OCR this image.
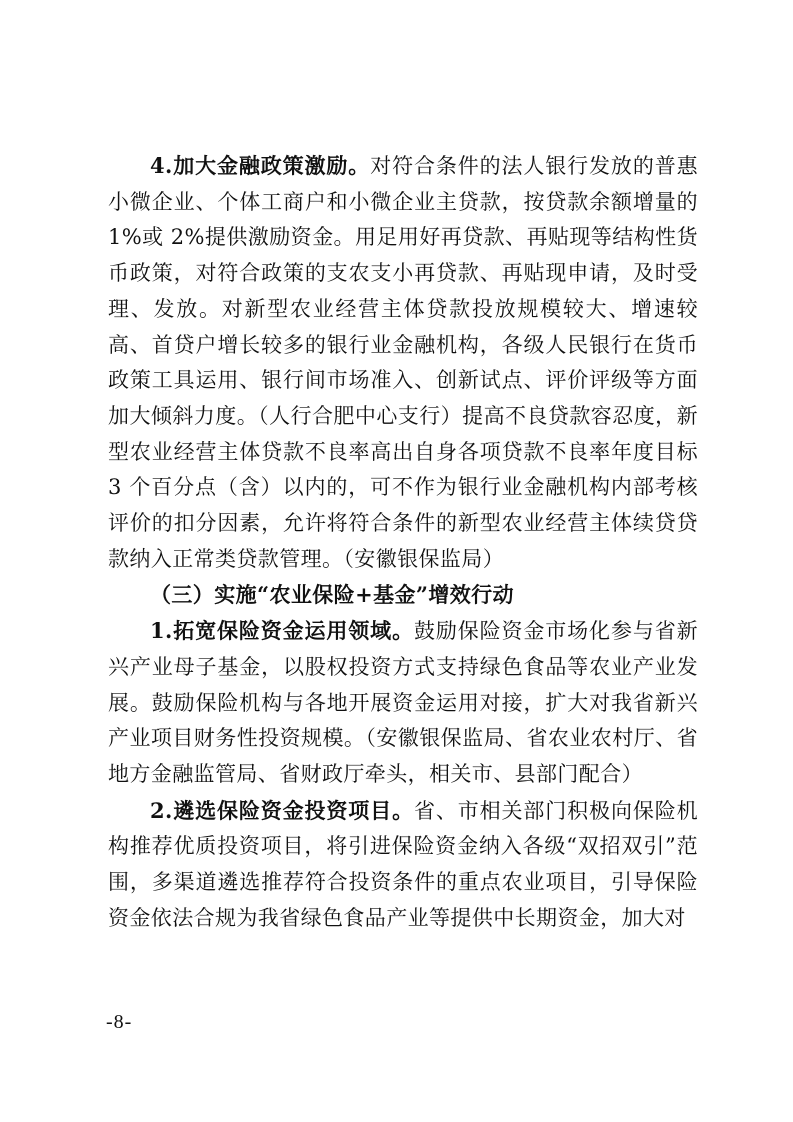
4.加大金融政策激励。对符合条件的法人银行发放的普惠小微企业、个体工商户和小微企业主贷款，按贷款余额增量的 1%或 2%提供激励资金。用足用好再贷款、再贴现等结构性货币政策，对符合政策的支农支小再贷款、再贴现申请，及时受理、发放。对新型农业经营主体贷款投放规模较大、增速较高、首贷户增长较多的银行业金融机构，各级人民银行在货币政策工具运用、银行间市场准入、创新试点、评价评级等方面加大倾斜力度。（人行合肥中心支行）提高不良贷款容忍度，新型农业经营主体贷款不良率高出自身各项贷款不良率年度目标 3 个百分点（含）以内的，可不作为银行业金融机构内部考核评价的扣分因素，允许将符合条件的新型农业经营主体续贷贷款纳入正常类贷款管理。（安徽银保监局）

（三）实施“农业保险+基金”增效行动

1.拓宽保险资金运用领域。鼓励保险资金市场化参与省新兴产业母子基金，以股权投资方式支持绿色食品等农业产业发展。鼓励保险机构与各地开展资金运用对接，扩大对我省新兴产业项目财务性投资规模。（安徽银保监局、省农业农村厅、省地方金融监管局、省财政厅牵头，相关市、县部门配合）

2.遴选保险资金投资项目。省、市相关部门积极向保险机构推荐优质投资项目，将引进保险资金纳入各级“双招双引”范围，多渠道遴选推荐符合投资条件的重点农业项目，引导保险资金依法合规为我省绿色食品产业等提供中长期资金，加大对

-8-
